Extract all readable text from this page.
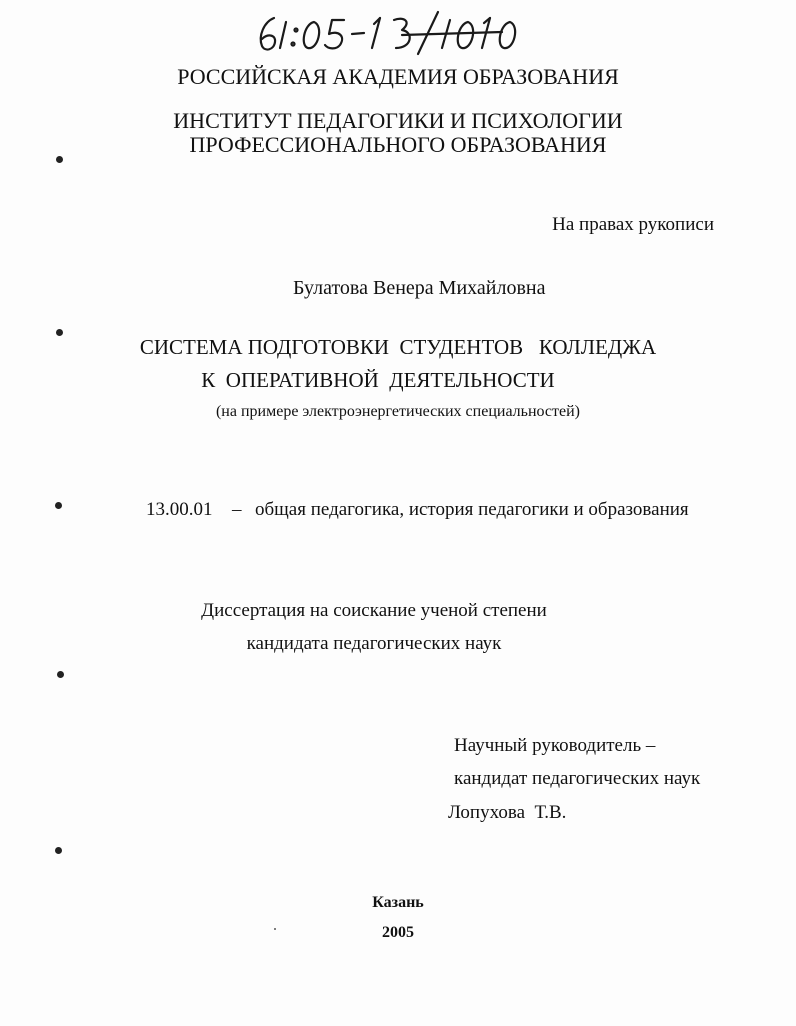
РОССИЙСКАЯ АКАДЕМИЯ ОБРАЗОВАНИЯ
ИНСТИТУТ ПЕДАГОГИКИ И ПСИХОЛОГИИ
ПРОФЕССИОНАЛЬНОГО ОБРАЗОВАНИЯ
На правах рукописи
Булатова Венера Михайловна
СИСТЕМА ПОДГОТОВКИ  СТУДЕНТОВ   КОЛЛЕДЖА
К  ОПЕРАТИВНОЙ  ДЕЯТЕЛЬНОСТИ
(на примере электроэнергетических специальностей)
13.00.01 – общая педагогика, история педагогики и образования
Диссертация на соискание ученой степени
кандидата педагогических наук
Научный руководитель –
кандидат педагогических наук
Лопухова  Т.В.
Казань
2005
